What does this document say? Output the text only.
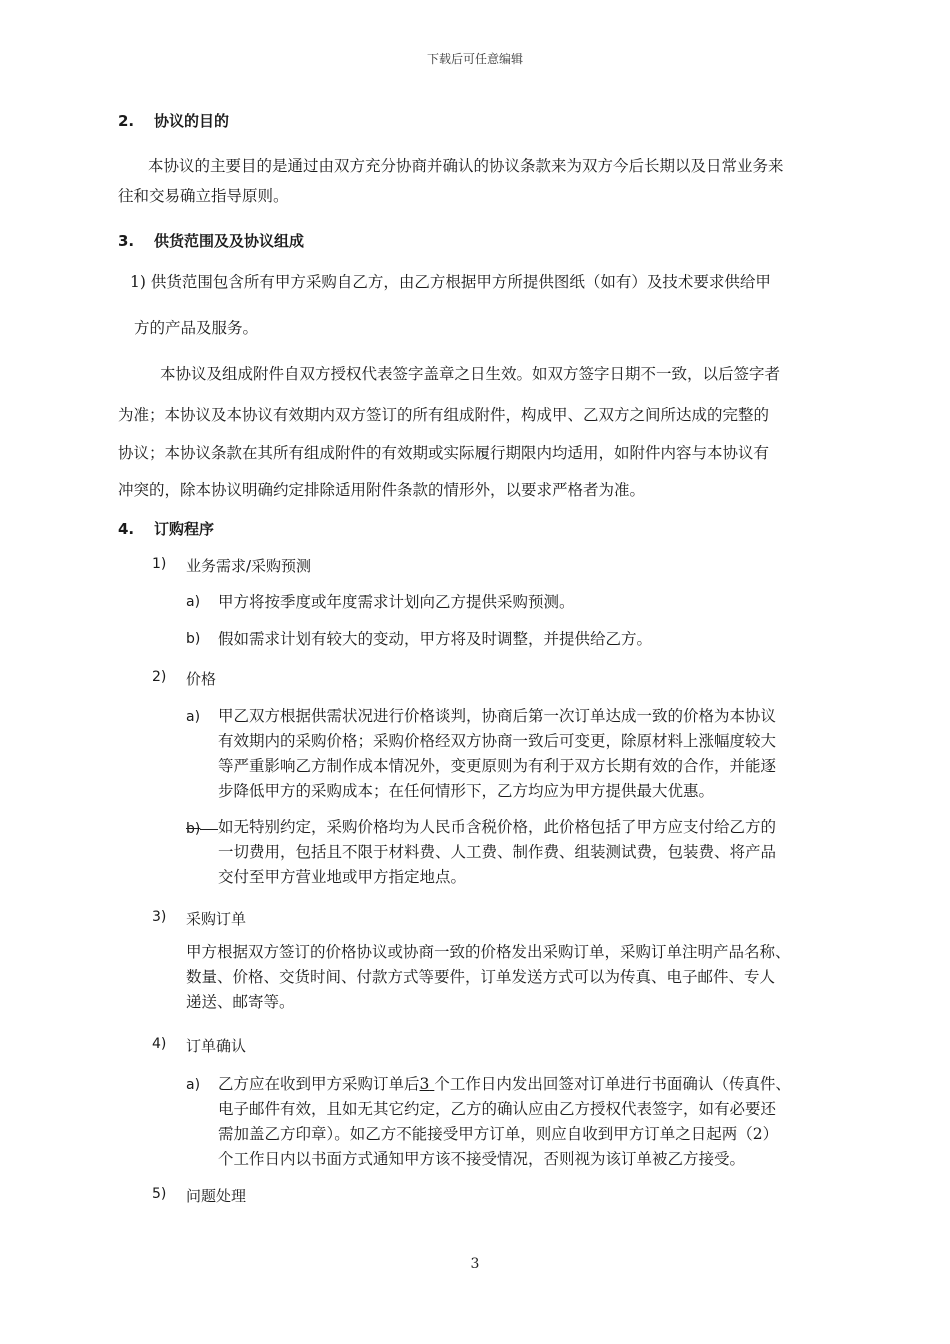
下载后可任意编辑
2. 协议的目的
本协议的主要目的是通过由双方充分协商并确认的协议条款来为双方今后长期以及日常业务来
往和交易确立指导原则。
3. 供货范围及及协议组成
1) 供货范围包含所有甲方采购自乙方，由乙方根据甲方所提供图纸（如有）及技术要求供给甲
方的产品及服务。
本协议及组成附件自双方授权代表签字盖章之日生效。如双方签字日期不一致，以后签字者
为准；本协议及本协议有效期内双方签订的所有组成附件，构成甲、乙双方之间所达成的完整的
协议；本协议条款在其所有组成附件的有效期或实际履行期限内均适用，如附件内容与本协议有
冲突的，除本协议明确约定排除适用附件条款的情形外，以要求严格者为准。
4. 订购程序
1) 业务需求/采购预测
a) 甲方将按季度或年度需求计划向乙方提供采购预测。
b) 假如需求计划有较大的变动，甲方将及时调整，并提供给乙方。
2) 价格
a) 甲乙双方根据供需状况进行价格谈判，协商后第一次订单达成一致的价格为本协议
有效期内的采购价格；采购价格经双方协商一致后可变更，除原材料上涨幅度较大
等严重影响乙方制作成本情况外，变更原则为有利于双方长期有效的合作，并能逐
步降低甲方的采购成本；在任何情形下，乙方均应为甲方提供最大优惠。
b) 如无特别约定，采购价格均为人民币含税价格，此价格包括了甲方应支付给乙方的
一切费用，包括且不限于材料费、人工费、制作费、组装测试费，包装费、将产品
交付至甲方营业地或甲方指定地点。
3) 采购订单
甲方根据双方签订的价格协议或协商一致的价格发出采购订单，采购订单注明产品名称、
数量、价格、交货时间、付款方式等要件，订单发送方式可以为传真、电子邮件、专人
递送、邮寄等。
4) 订单确认
a) 乙方应在收到甲方采购订单后3 个工作日内发出回签对订单进行书面确认（传真件、
电子邮件有效，且如无其它约定，乙方的确认应由乙方授权代表签字，如有必要还
需加盖乙方印章）。如乙方不能接受甲方订单，则应自收到甲方订单之日起两（2）
个工作日内以书面方式通知甲方该不接受情况，否则视为该订单被乙方接受。
5) 问题处理
3
